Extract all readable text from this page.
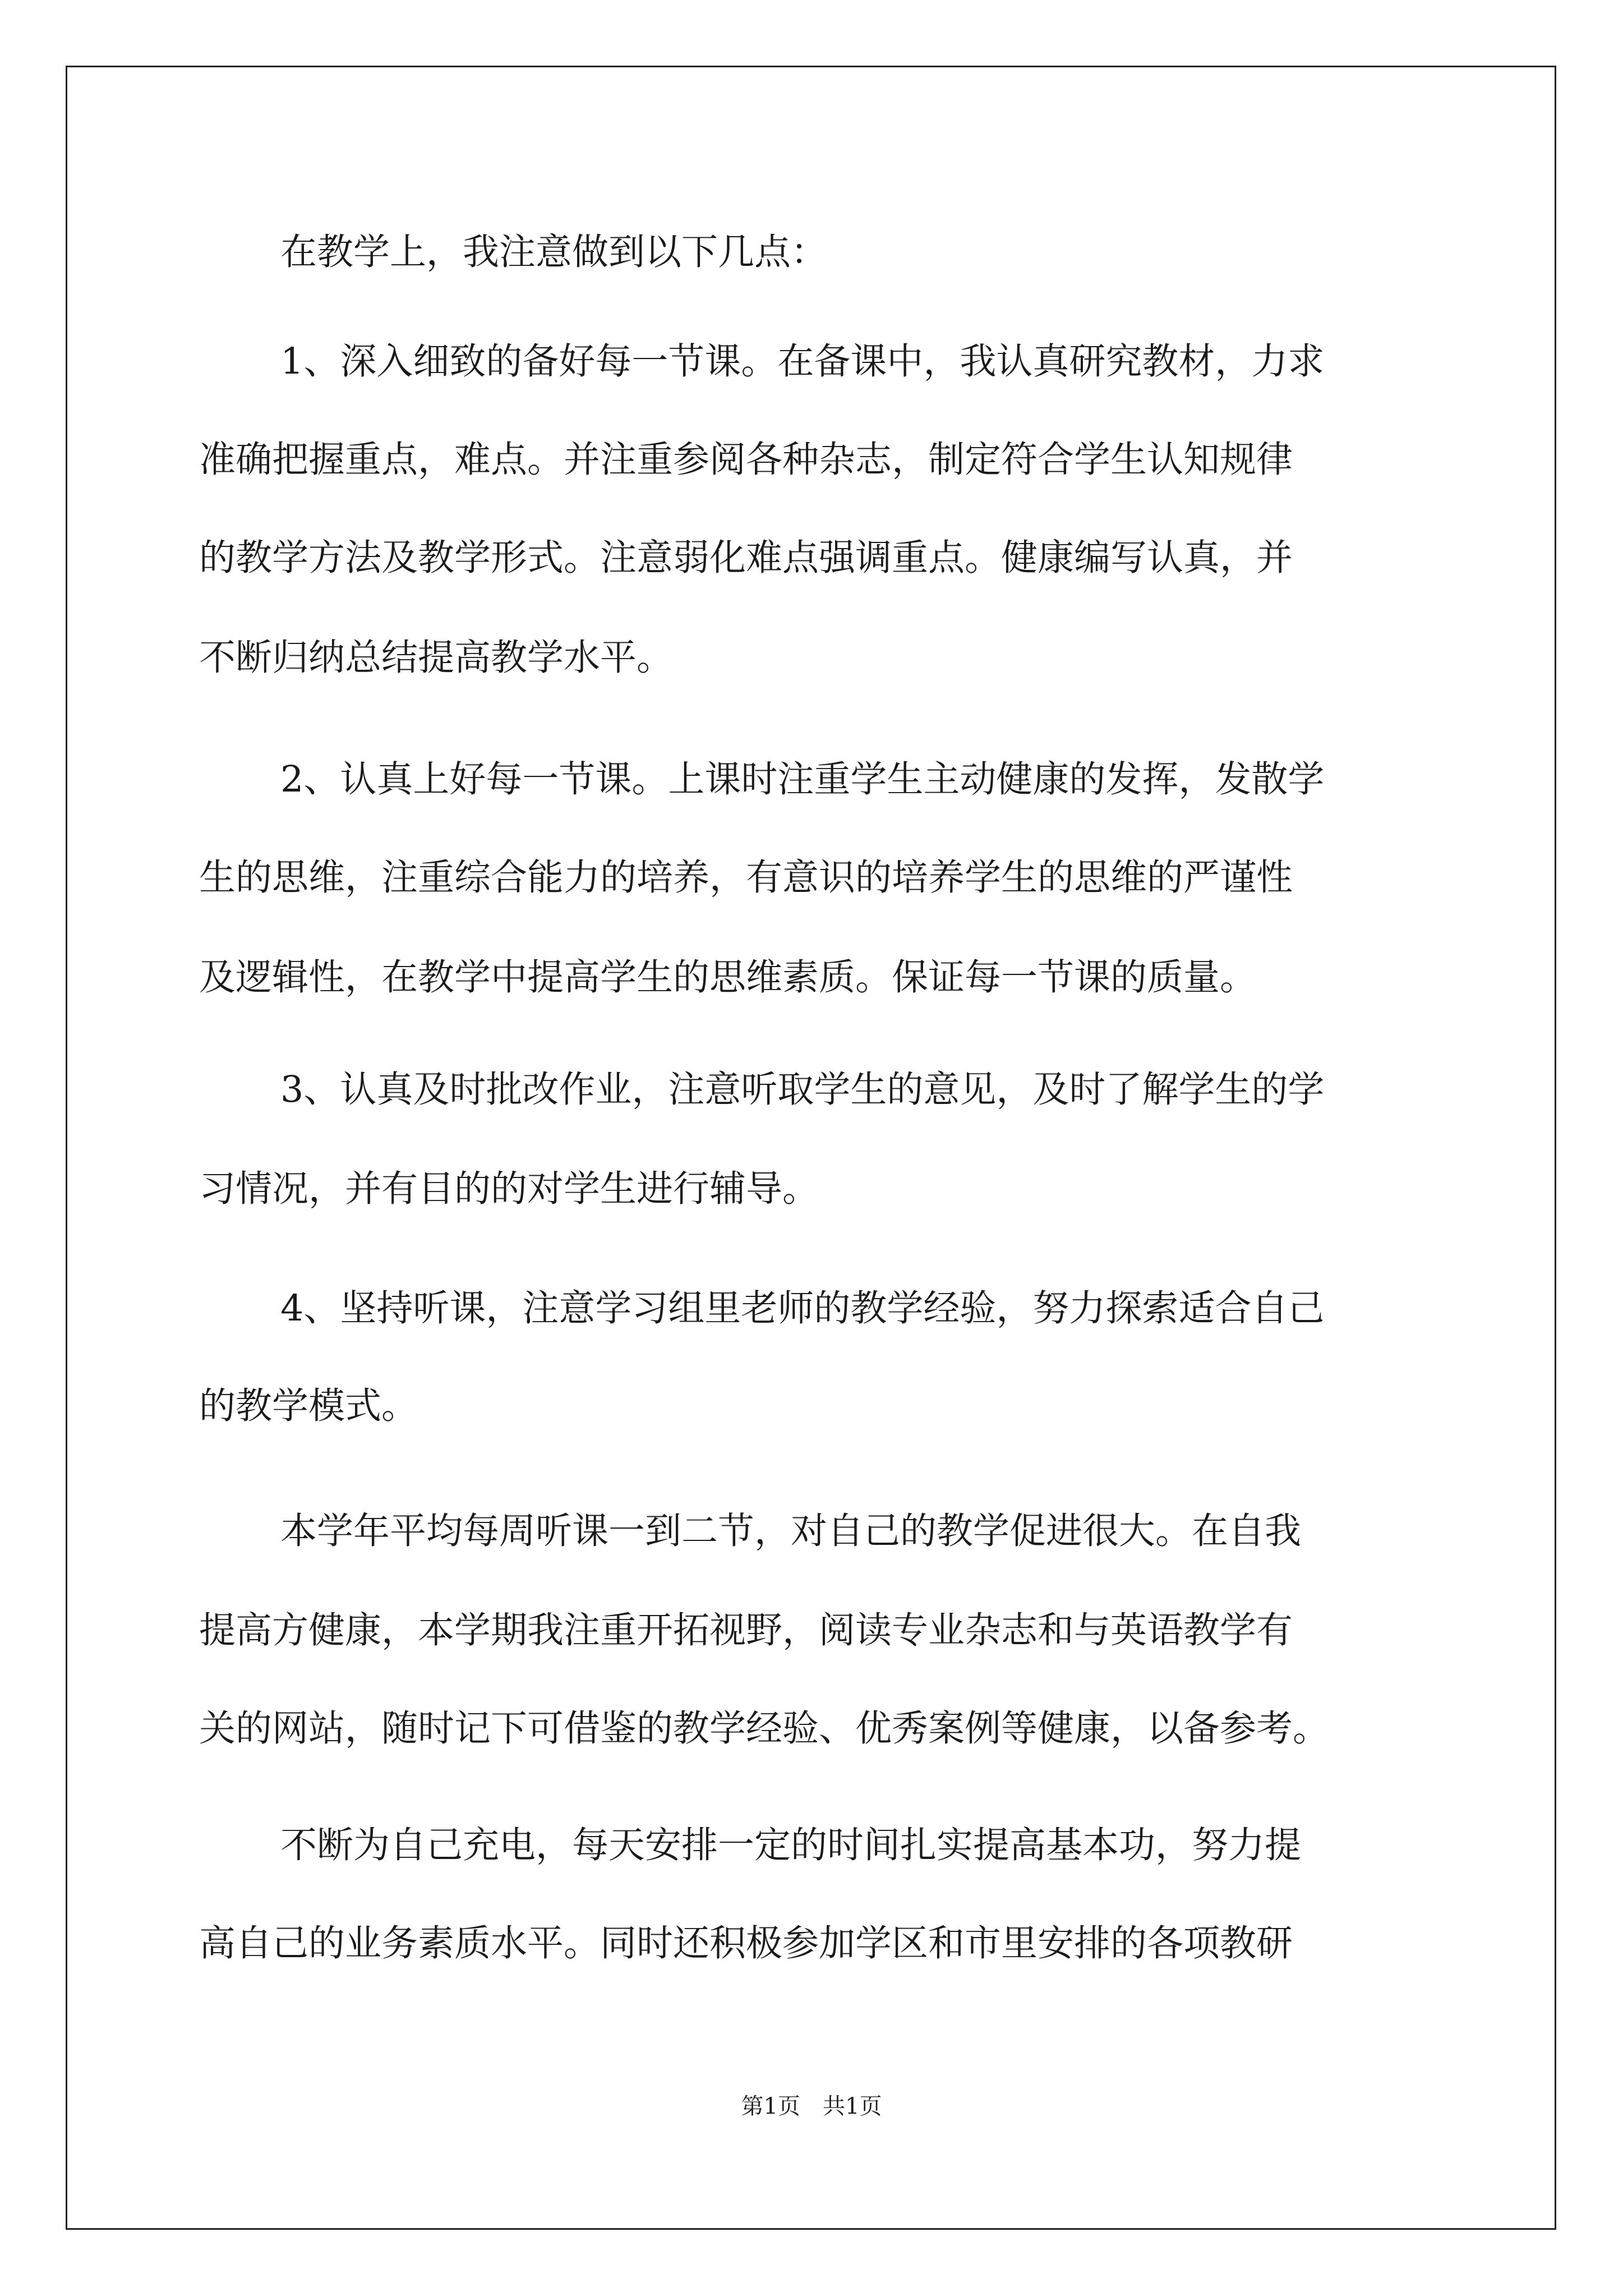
在教学上，我注意做到以下几点：

1、深入细致的备好每一节课。在备课中，我认真研究教材，力求

准确把握重点，难点。并注重参阅各种杂志，制定符合学生认知规律

的教学方法及教学形式。注意弱化难点强调重点。健康编写认真，并

不断归纳总结提高教学水平。

2、认真上好每一节课。上课时注重学生主动健康的发挥，发散学

生的思维，注重综合能力的培养，有意识的培养学生的思维的严谨性

及逻辑性，在教学中提高学生的思维素质。保证每一节课的质量。

3、认真及时批改作业，注意听取学生的意见，及时了解学生的学

习情况，并有目的的对学生进行辅导。

4、坚持听课，注意学习组里老师的教学经验，努力探索适合自己

的教学模式。

本学年平均每周听课一到二节，对自己的教学促进很大。在自我

提高方健康，本学期我注重开拓视野，阅读专业杂志和与英语教学有

关的网站，随时记下可借鉴的教学经验、优秀案例等健康，以备参考。

不断为自己充电，每天安排一定的时间扎实提高基本功，努力提

高自己的业务素质水平。同时还积极参加学区和市里安排的各项教研

第1页　共1页
